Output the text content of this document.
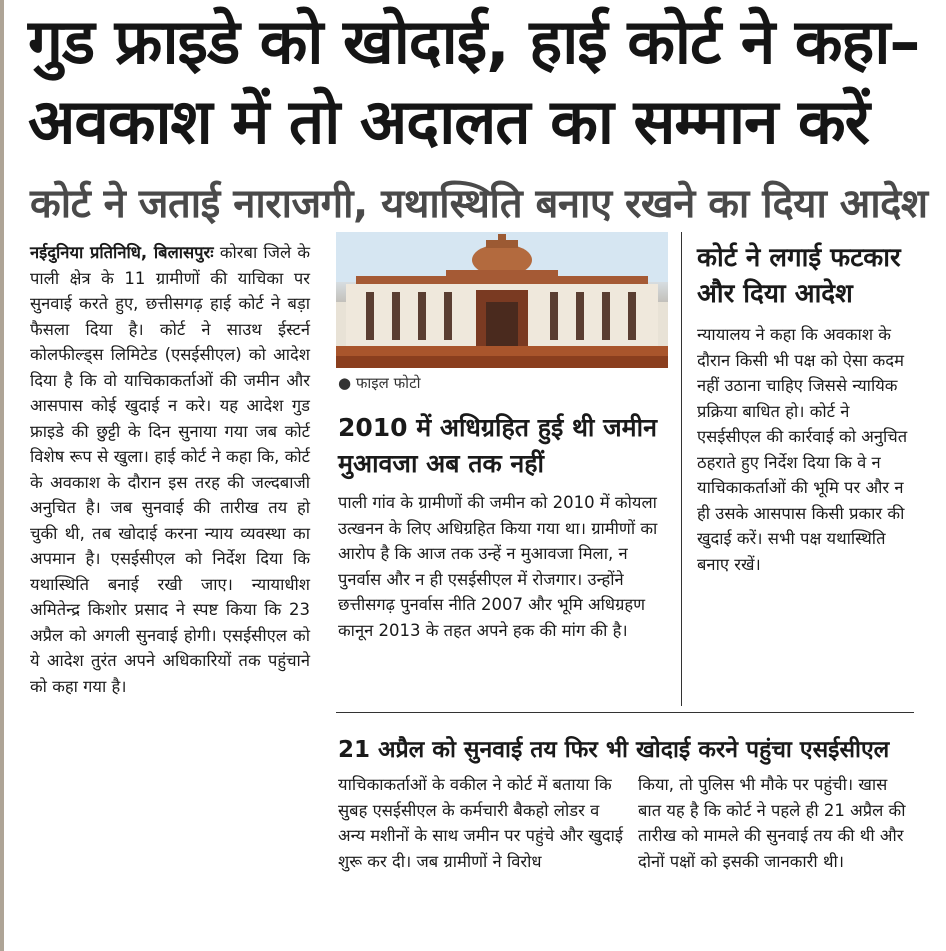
गुड फ्राइडे को खोदाई, हाई कोर्ट ने कहा–
अवकाश में तो अदालत का सम्मान करें
कोर्ट ने जताई नाराजगी, यथास्थिति बनाए रखने का दिया आदेश
नईदुनिया प्रतिनिधि, बिलासपुरः कोरबा जिले के पाली क्षेत्र के 11 ग्रामीणों की याचिका पर सुनवाई करते हुए, छत्तीसगढ़ हाई कोर्ट ने बड़ा फैसला दिया है। कोर्ट ने साउथ ईस्टर्न कोलफील्ड्स लिमिटेड (एसईसीएल) को आदेश दिया है कि वो याचिकाकर्ताओं की जमीन और आसपास कोई खुदाई न करे। यह आदेश गुड फ्राइडे की छुट्टी के दिन सुनाया गया जब कोर्ट विशेष रूप से खुला। हाई कोर्ट ने कहा कि, कोर्ट के अवकाश के दौरान इस तरह की जल्दबाजी अनुचित है। जब सुनवाई की तारीख तय हो चुकी थी, तब खोदाई करना न्याय व्यवस्था का अपमान है। एसईसीएल को निर्देश दिया कि यथास्थिति बनाई रखी जाए। न्यायाधीश अमितेन्द्र किशोर प्रसाद ने स्पष्ट किया कि 23 अप्रैल को अगली सुनवाई होगी। एसईसीएल को ये आदेश तुरंत अपने अधिकारियों तक पहुंचाने को कहा गया है।
● फाइल फोटो
2010 में अधिग्रहित हुई थी जमीन मुआवजा अब तक नहीं
पाली गांव के ग्रामीणों की जमीन को 2010 में कोयला उत्खनन के लिए अधिग्रहित किया गया था। ग्रामीणों का आरोप है कि आज तक उन्हें न मुआवजा मिला, न पुनर्वास और न ही एसईसीएल में रोजगार। उन्होंने छत्तीसगढ़ पुनर्वास नीति 2007 और भूमि अधिग्रहण कानून 2013 के तहत अपने हक की मांग की है।
कोर्ट ने लगाई फटकार और दिया आदेश
न्यायालय ने कहा कि अवकाश के दौरान किसी भी पक्ष को ऐसा कदम नहीं उठाना चाहिए जिससे न्यायिक प्रक्रिया बाधित हो। कोर्ट ने एसईसीएल की कार्रवाई को अनुचित ठहराते हुए निर्देश दिया कि वे न याचिकाकर्ताओं की भूमि पर और न ही उसके आसपास किसी प्रकार की खुदाई करें। सभी पक्ष यथास्थिति बनाए रखें।
21 अप्रैल को सुनवाई तय फिर भी खोदाई करने पहुंचा एसईसीएल
याचिकाकर्ताओं के वकील ने कोर्ट में बताया कि सुबह एसईसीएल के कर्मचारी बैकहो लोडर व अन्य मशीनों के साथ जमीन पर पहुंचे और खुदाई शुरू कर दी। जब ग्रामीणों ने विरोध
किया, तो पुलिस भी मौके पर पहुंची। खास बात यह है कि कोर्ट ने पहले ही 21 अप्रैल की तारीख को मामले की सुनवाई तय की थी और दोनों पक्षों को इसकी जानकारी थी।
